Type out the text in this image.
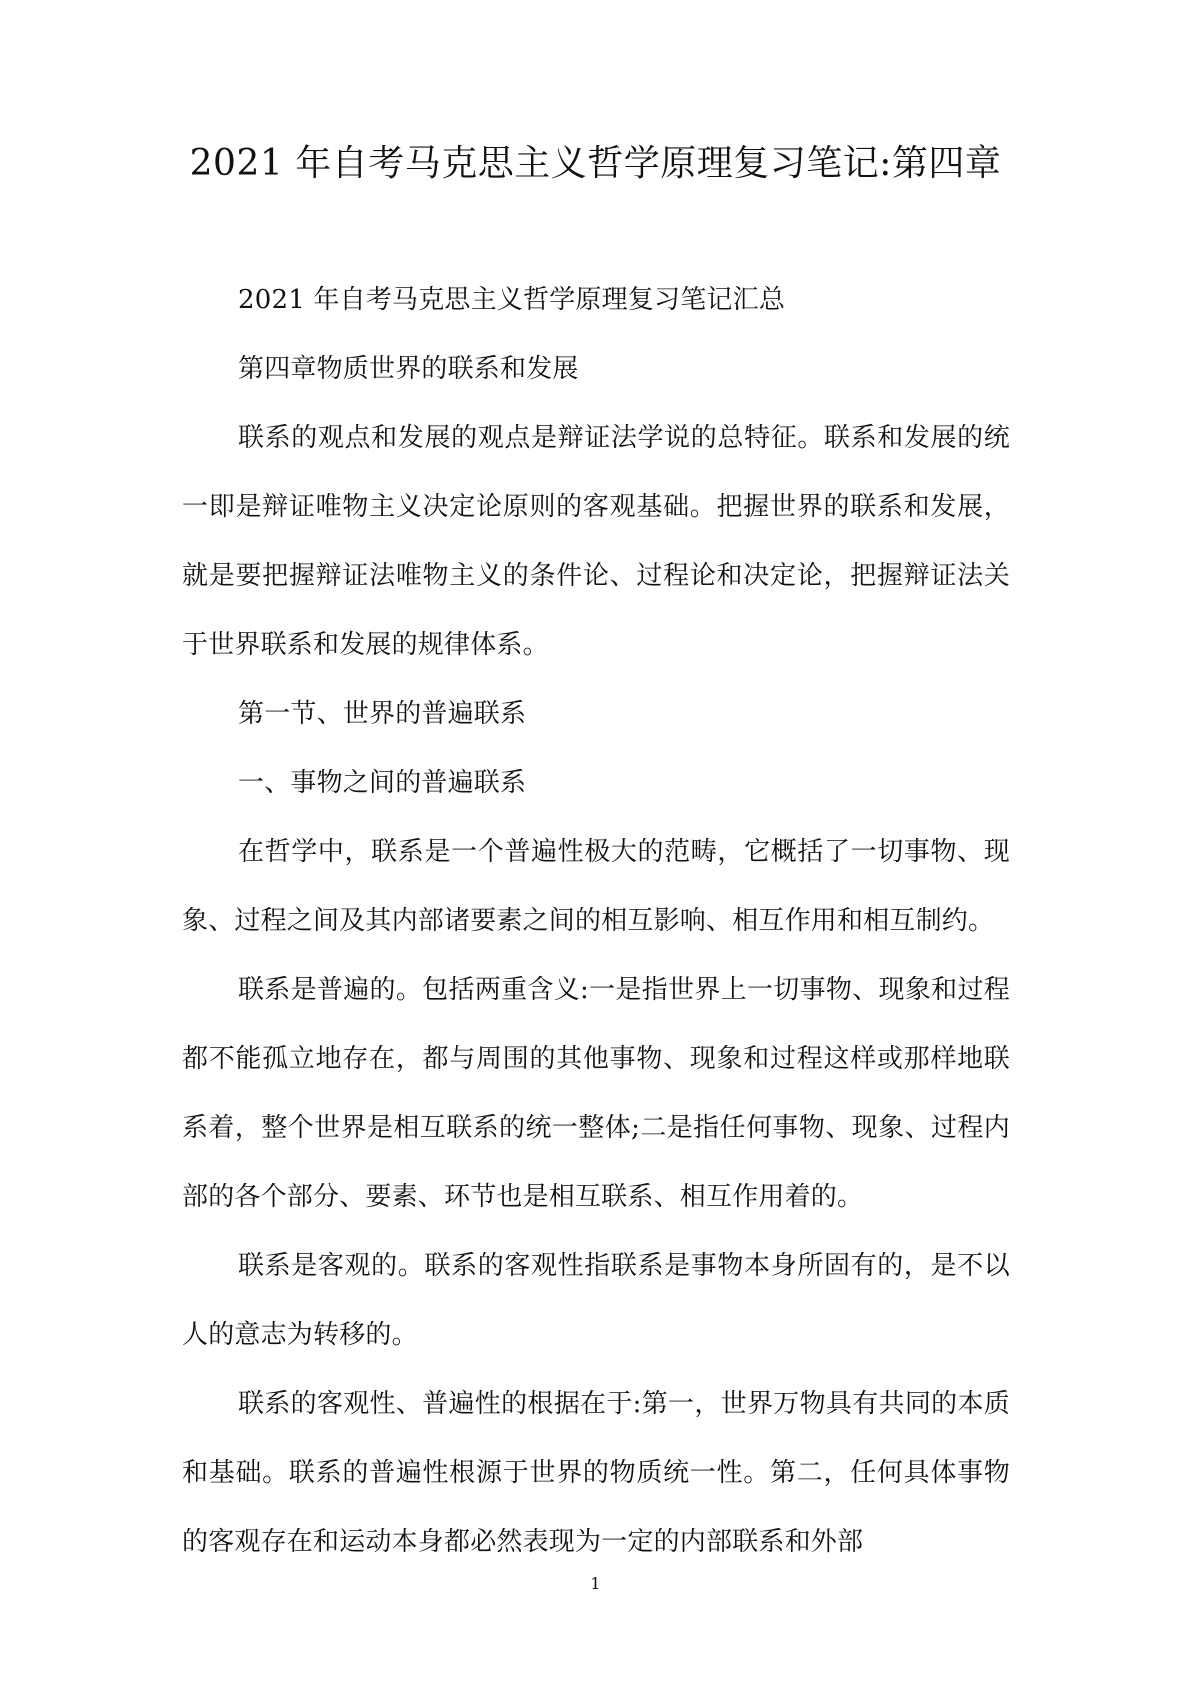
2021 年自考马克思主义哲学原理复习笔记:第四章

2021 年自考马克思主义哲学原理复习笔记汇总

第四章物质世界的联系和发展

联系的观点和发展的观点是辩证法学说的总特征。联系和发展的统一即是辩证唯物主义决定论原则的客观基础。把握世界的联系和发展，就是要把握辩证法唯物主义的条件论、过程论和决定论，把握辩证法关于世界联系和发展的规律体系。

第一节、世界的普遍联系

一、事物之间的普遍联系

在哲学中，联系是一个普遍性极大的范畴，它概括了一切事物、现象、过程之间及其内部诸要素之间的相互影响、相互作用和相互制约。

联系是普遍的。包括两重含义:一是指世界上一切事物、现象和过程都不能孤立地存在，都与周围的其他事物、现象和过程这样或那样地联系着，整个世界是相互联系的统一整体;二是指任何事物、现象、过程内部的各个部分、要素、环节也是相互联系、相互作用着的。

联系是客观的。联系的客观性指联系是事物本身所固有的，是不以人的意志为转移的。

联系的客观性、普遍性的根据在于:第一，世界万物具有共同的本质和基础。联系的普遍性根源于世界的物质统一性。第二，任何具体事物的客观存在和运动本身都必然表现为一定的内部联系和外部

1
